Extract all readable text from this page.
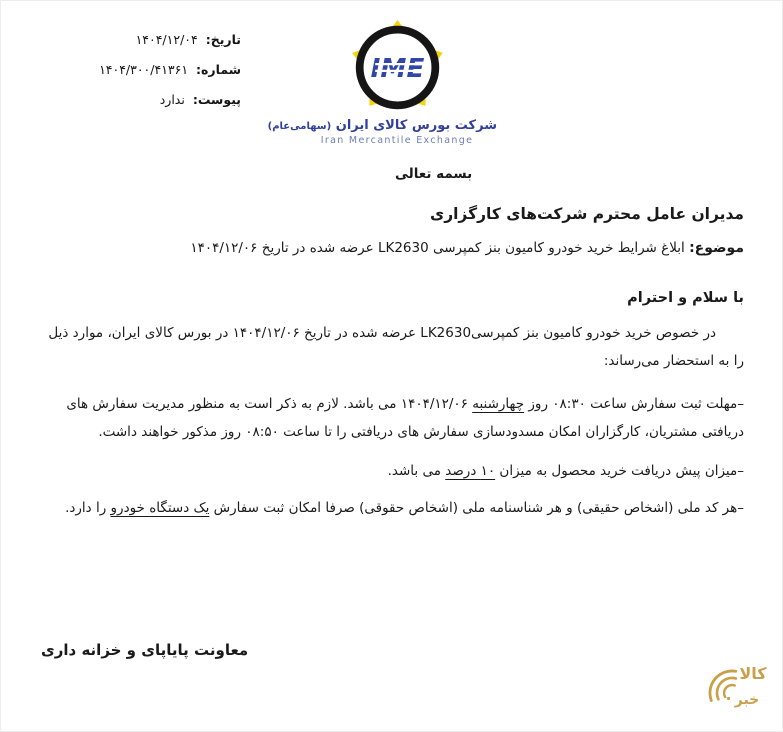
تاریخ: ۱۴۰۴/۱۲/۰۴
شماره: ۱۴۰۴/۳۰۰/۴۱۳۶۱
پیوست: ندارد
IME
شرکت بورس کالای ایران (سهامی‌عام)
Iran Mercantile Exchange
بسمه تعالی
مدیران عامل محترم شرکت‌های کارگزاری
موضوع: ابلاغ شرایط خرید خودرو کامیون بنز کمپرسی LK2630 عرضه شده در تاریخ ۱۴۰۴/۱۲/۰۶
با سلام و احترام

در خصوص خرید خودرو کامیون بنز کمپرسیLK2630 عرضه شده در تاریخ ۱۴۰۴/۱۲/۰۶ در بورس کالای ایران، موارد ذیل را به استحضار می‌رساند:

–مهلت ثبت سفارش ساعت ۰۸:۳۰ روز چهارشنبه ۱۴۰۴/۱۲/۰۶ می باشد. لازم به ذکر است به منظور مدیریت سفارش های دریافتی مشتریان، کارگزاران امکان مسدودسازی سفارش های دریافتی را تا ساعت ۰۸:۵۰ روز مذکور خواهند داشت.

–میزان پیش دریافت خرید محصول به میزان ۱۰ درصد می باشد.

–هر کد ملی (اشخاص حقیقی) و هر شناسنامه ملی (اشخاص حقوقی) صرفا امکان ثبت سفارش یک دستگاه خودرو را دارد.

معاونت پایاپای و خزانه داری
کالا
خبر
